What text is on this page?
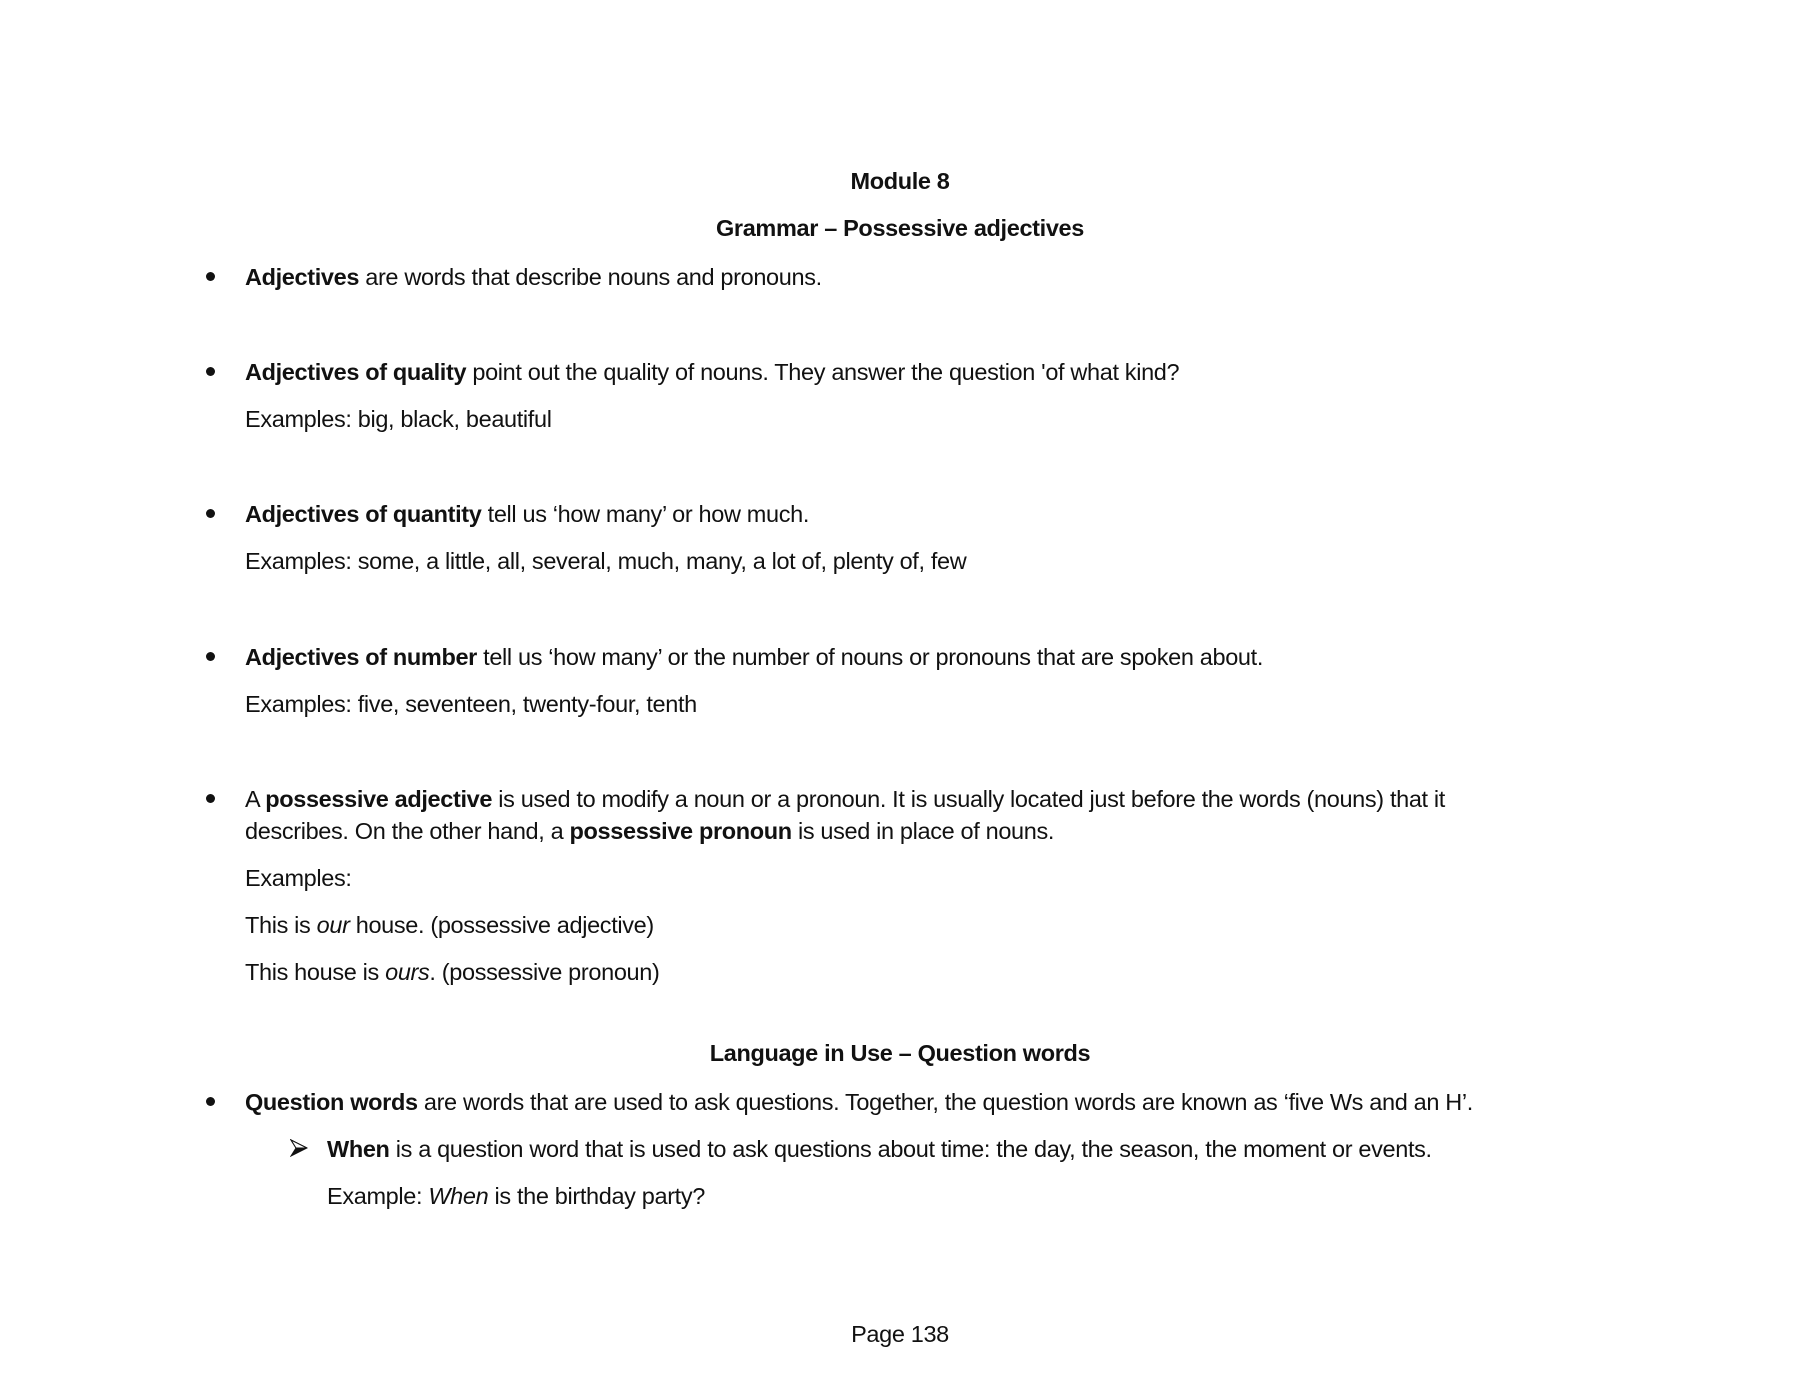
Module 8
Grammar – Possessive adjectives
Adjectives are words that describe nouns and pronouns.
Adjectives of quality point out the quality of nouns. They answer the question 'of what kind?
Examples: big, black, beautiful
Adjectives of quantity tell us ‘how many’ or how much.
Examples: some, a little, all, several, much, many, a lot of, plenty of, few
Adjectives of number tell us ‘how many’ or the number of nouns or pronouns that are spoken about.
Examples: five, seventeen, twenty-four, tenth
A possessive adjective is used to modify a noun or a pronoun. It is usually located just before the words (nouns) that it
describes. On the other hand, a possessive pronoun is used in place of nouns.
Examples:
This is our house. (possessive adjective)
This house is ours. (possessive pronoun)
Language in Use – Question words
Question words are words that are used to ask questions. Together, the question words are known as ‘five Ws and an H’.
When is a question word that is used to ask questions about time: the day, the season, the moment or events.
Example: When is the birthday party?
Page 138
